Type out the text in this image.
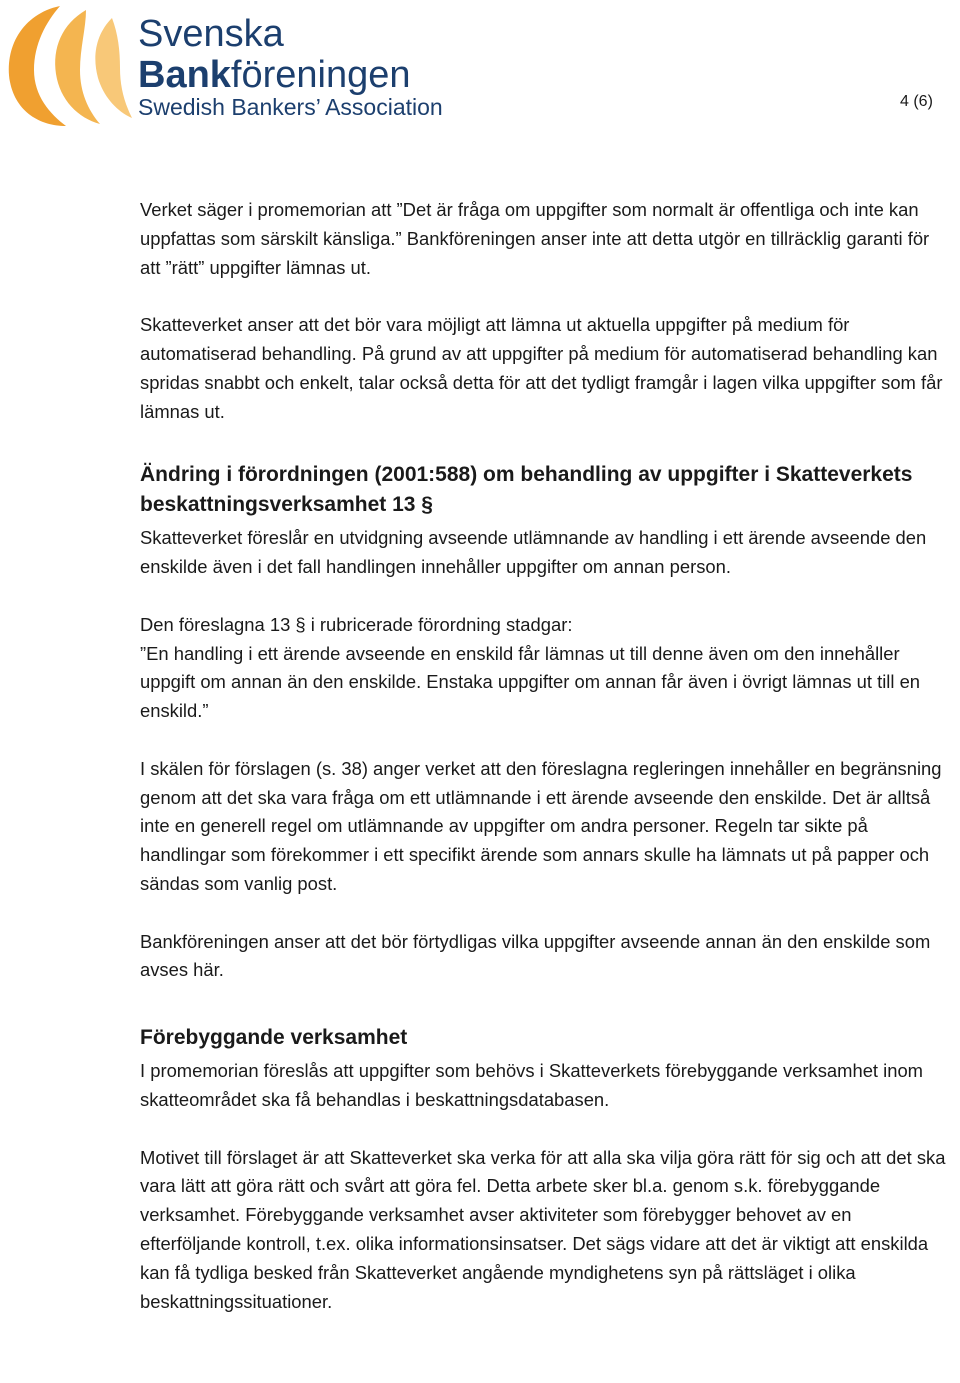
Svenska
Bankföreningen
Swedish Bankers’ Association	4 (6)

Verket säger i promemorian att ”Det är fråga om uppgifter som normalt är offentliga och inte kan uppfattas som särskilt känsliga.” Bankföreningen anser inte att detta utgör en tillräcklig garanti för att ”rätt” uppgifter lämnas ut.

Skatteverket anser att det bör vara möjligt att lämna ut aktuella uppgifter på medium för automatiserad behandling. På grund av att uppgifter på medium för automatiserad behandling kan spridas snabbt och enkelt, talar också detta för att det tydligt framgår i lagen vilka uppgifter som får lämnas ut.

Ändring i förordningen (2001:588) om behandling av uppgifter i Skatteverkets beskattningsverksamhet 13 §

Skatteverket föreslår en utvidgning avseende utlämnande av handling i ett ärende avseende den enskilde även i det fall handlingen innehåller uppgifter om annan person.

Den föreslagna 13 § i rubricerade förordning stadgar:

”En handling i ett ärende avseende en enskild får lämnas ut till denne även om den innehåller uppgift om annan än den enskilde. Enstaka uppgifter om annan får även i övrigt lämnas ut till en enskild.”

I skälen för förslagen (s. 38) anger verket att den föreslagna regleringen innehåller en begränsning genom att det ska vara fråga om ett utlämnande i ett ärende avseende den enskilde. Det är alltså inte en generell regel om utlämnande av uppgifter om andra personer. Regeln tar sikte på handlingar som förekommer i ett specifikt ärende som annars skulle ha lämnats ut på papper och sändas som vanlig post.

Bankföreningen anser att det bör förtydligas vilka uppgifter avseende annan än den enskilde som avses här.

Förebyggande verksamhet

I promemorian föreslås att uppgifter som behövs i Skatteverkets förebyggande verksamhet inom skatteområdet ska få behandlas i beskattningsdatabasen.

Motivet till förslaget är att Skatteverket ska verka för att alla ska vilja göra rätt för sig och att det ska vara lätt att göra rätt och svårt att göra fel. Detta arbete sker bl.a. genom s.k. förebyggande verksamhet. Förebyggande verksamhet avser aktiviteter som förebygger behovet av en efterföljande kontroll, t.ex. olika informationsinsatser. Det sägs vidare att det är viktigt att enskilda kan få tydliga besked från Skatteverket angående myndighetens syn på rättsläget i olika beskattningssituationer.
